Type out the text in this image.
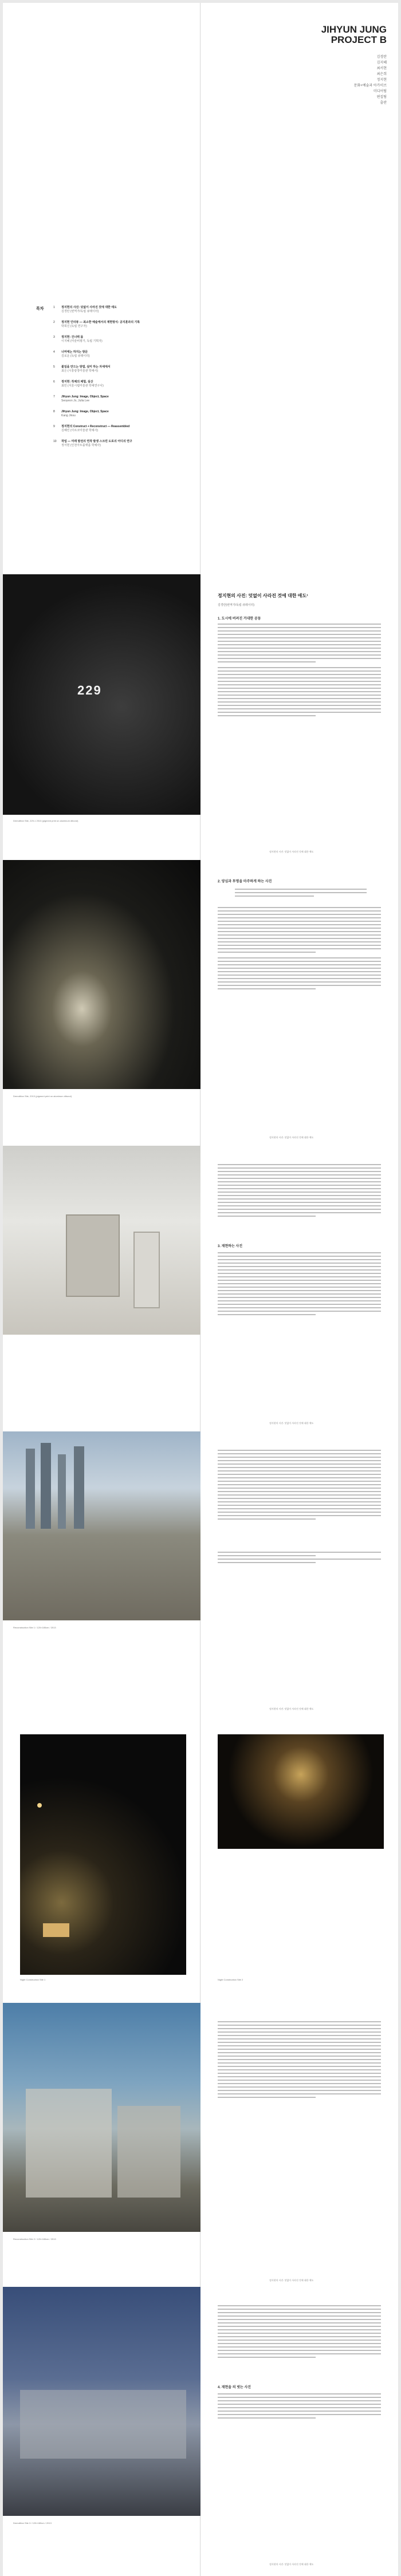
JIHYUN JUNG
PROJECT B
김경란
김지혜
최서현
최은희
정지현
문화+예술과 아카이브
미디어팀
편집팀
출판
목차	1 정지현의 사진: 덧없이 사라진 것에 대한 애도
김경란 (번역가/독립 큐레이터)
2 정지현 인터뷰 — 최소한 예술에서의 재현방식: 공지훈과의 기록
박희진 (독립 연구자)
3 정지현: 건너뛰 몸
이지혜 (미술비평가, 독립 기획자)
4 너머에는 하지는 방문
김로운 (독립 큐레이터)
5 불일을 만드는 방법, 실미 하는 자세에서
최은 (시흥광장미술관 학예사)
6 정지현: 작제의 체험, 실산
최민 (서울시립미술관 학예연구사)
7 Jihyun Jung: Image, Object, Space
Seoyeon Jo, Julia Lee
8 Jihyun Jung: Image, Object, Space
Kang Jinsu
9 정지현의 Construct + Reconstruct — Reassembled
김혜린 (아르코미술관 학예사)
10 작업 — 미래 발전의 연작 발생 스크린 도로의 어디의 연구
정서현 (인천아트플랫폼 학예사)
229
Demolition Site, 229-1 2013 (pigment print on aluminum dibond)
정지현의 사진: 덧없이 사라진 것에 대한 애도¹
김경란(번역가/독립 큐레이터)
1. 도시에 버려진 거대한 공동
정지현의 사진: 덧없이 사라진 것에 대한 애도
Demolition Site, 2013 (pigment print on aluminum dibond)
2. 양심과 투명을 마주하게 하는 사진
정지현의 사진: 덧없이 사라진 것에 대한 애도
3. 재현하는 사진
정지현의 사진: 덧없이 사라진 것에 대한 애도
Reconstruction Site 1 / 120×180cm / 2013
정지현의 사진: 덧없이 사라진 것에 대한 애도
Night Construction Site 1	Night Construction Site 2
Reconstruction Site 2 / 120×180cm / 2013
정지현의 사진: 덧없이 사라진 것에 대한 애도
Demolition Site 3 / 120×180cm / 2013
4. 재현을 의 벗는 사진
정지현의 사진: 덧없이 사라진 것에 대한 애도
